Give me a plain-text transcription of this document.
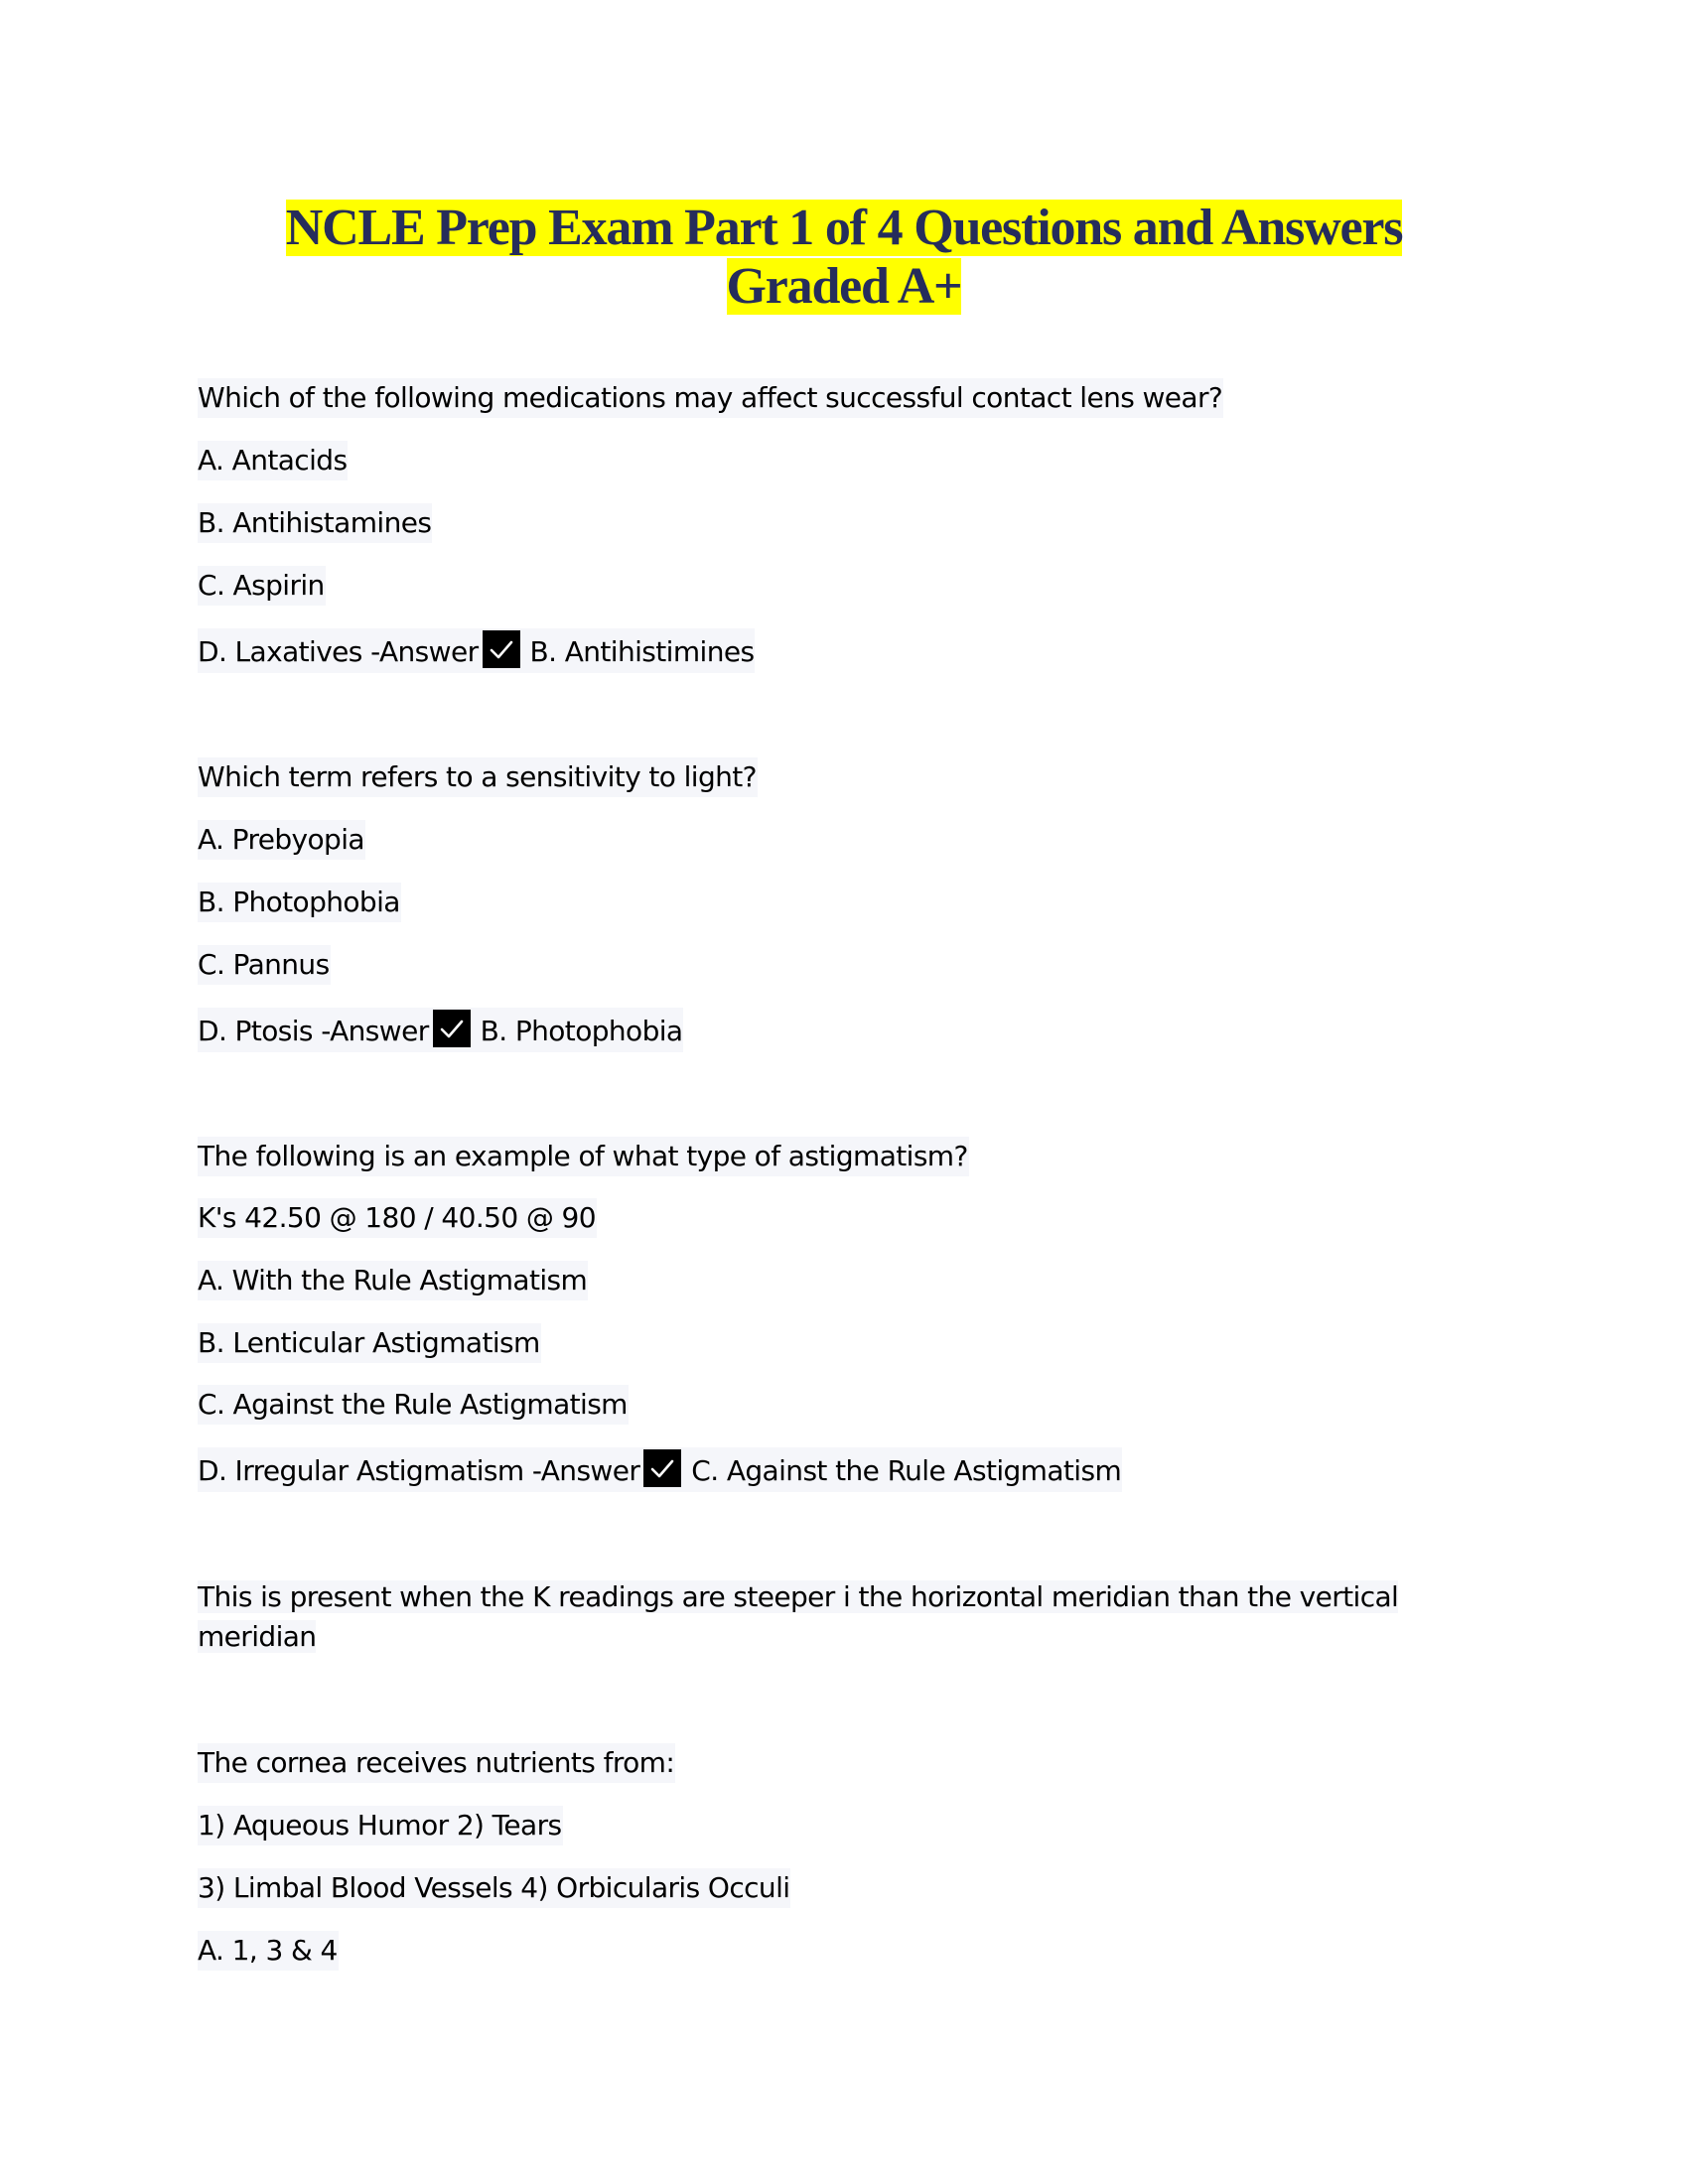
NCLE Prep Exam Part 1 of 4 Questions and Answers
Graded A+
Which of the following medications may affect successful contact lens wear?
A. Antacids
B. Antihistamines
C. Aspirin
D. Laxatives -Answer B. Antihistimines
Which term refers to a sensitivity to light?
A. Prebyopia
B. Photophobia
C. Pannus
D. Ptosis -Answer B. Photophobia
The following is an example of what type of astigmatism?
K's 42.50 @ 180 / 40.50 @ 90
A. With the Rule Astigmatism
B. Lenticular Astigmatism
C. Against the Rule Astigmatism
D. Irregular Astigmatism -Answer C. Against the Rule Astigmatism
This is present when the K readings are steeper i the horizontal meridian than the vertical meridian
The cornea receives nutrients from:
1) Aqueous Humor 2) Tears
3) Limbal Blood Vessels 4) Orbicularis Occuli
A. 1, 3 & 4
